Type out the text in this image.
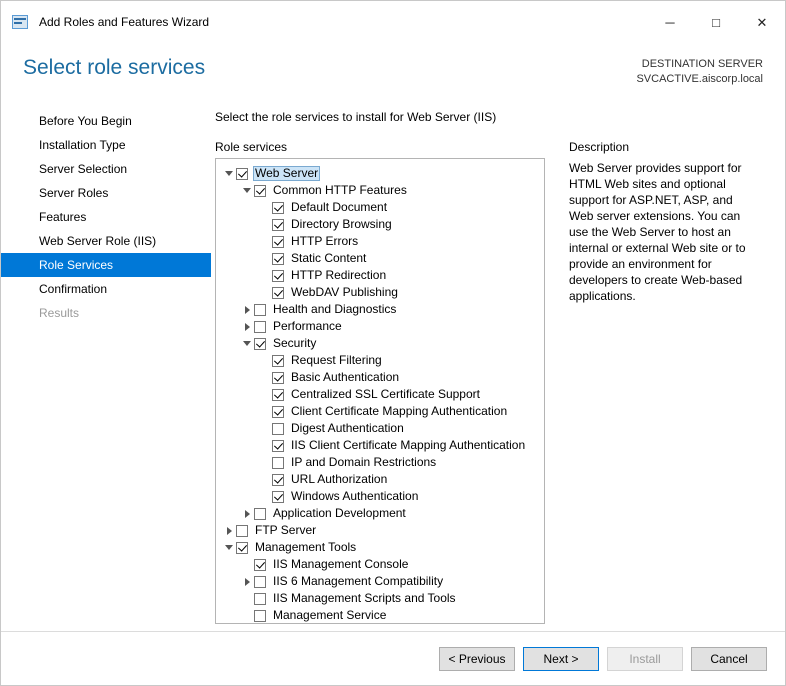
Add Roles and Features Wizard	─	□	✕
Select role services	DESTINATION SERVER
SVCACTIVE.aiscorp.local
Before You Begin
Installation Type
Server Selection
Server Roles
Features
Web Server Role (IIS)
Role Services
Confirmation
Results
Select the role services to install for Web Server (IIS)
Role services
Web Server
Common HTTP Features
Default Document
Directory Browsing
HTTP Errors
Static Content
HTTP Redirection
WebDAV Publishing
Health and Diagnostics
Performance
Security
Request Filtering
Basic Authentication
Centralized SSL Certificate Support
Client Certificate Mapping Authentication
Digest Authentication
IIS Client Certificate Mapping Authentication
IP and Domain Restrictions
URL Authorization
Windows Authentication
Application Development
FTP Server
Management Tools
IIS Management Console
IIS 6 Management Compatibility
IIS Management Scripts and Tools
Management Service
Description
Web Server provides support for HTML Web sites and optional support for ASP.NET, ASP, and Web server extensions. You can use the Web Server to host an internal or external Web site or to provide an environment for developers to create Web-based applications.
< Previous	Next >	Install	Cancel
